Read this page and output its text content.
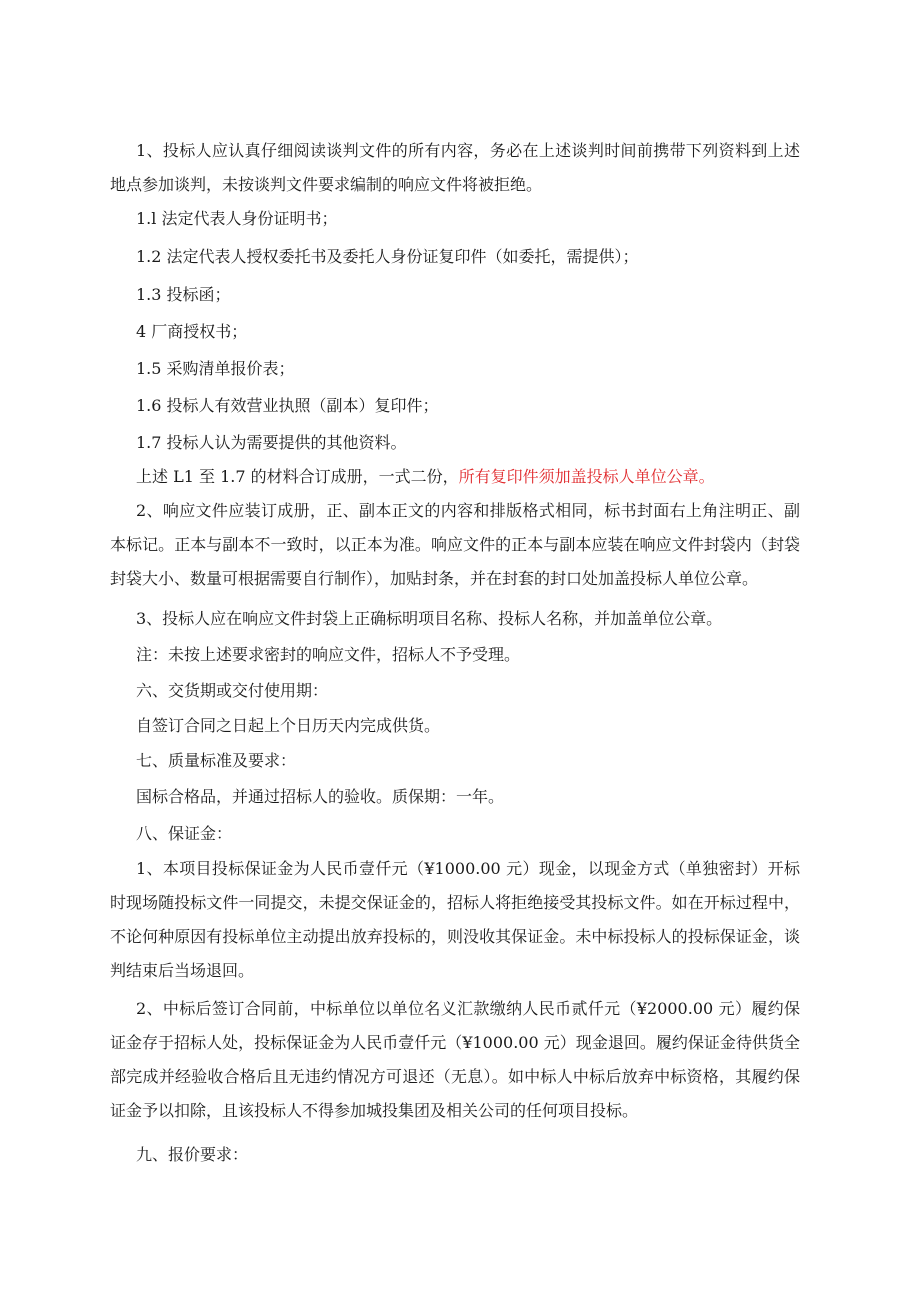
1、投标人应认真仔细阅读谈判文件的所有内容，务必在上述谈判时间前携带下列资料到上述地点参加谈判，未按谈判文件要求编制的响应文件将被拒绝。
1.l 法定代表人身份证明书；
1.2 法定代表人授权委托书及委托人身份证复印件（如委托，需提供）；
1.3 投标函；
4 厂商授权书；
1.5 采购清单报价表；
1.6 投标人有效营业执照（副本）复印件；
1.7 投标人认为需要提供的其他资料。
上述 L1 至 1.7 的材料合订成册，一式二份，所有复印件须加盖投标人单位公章。
2、响应文件应装订成册，正、副本正文的内容和排版格式相同，标书封面右上角注明正、副本标记。正本与副本不一致时，以正本为准。响应文件的正本与副本应装在响应文件封袋内（封袋封袋大小、数量可根据需要自行制作），加贴封条，并在封套的封口处加盖投标人单位公章。
3、投标人应在响应文件封袋上正确标明项目名称、投标人名称，并加盖单位公章。
注：未按上述要求密封的响应文件，招标人不予受理。
六、交货期或交付使用期：
自签订合同之日起上个日历天内完成供货。
七、质量标准及要求：
国标合格品，并通过招标人的验收。质保期：一年。
八、保证金：
1、本项目投标保证金为人民币壹仟元（¥1000.00 元）现金，以现金方式（单独密封）开标时现场随投标文件一同提交，未提交保证金的，招标人将拒绝接受其投标文件。如在开标过程中，不论何种原因有投标单位主动提出放弃投标的，则没收其保证金。未中标投标人的投标保证金，谈判结束后当场退回。
2、中标后签订合同前，中标单位以单位名义汇款缴纳人民币贰仟元（¥2000.00 元）履约保证金存于招标人处，投标保证金为人民币壹仟元（¥1000.00 元）现金退回。履约保证金待供货全部完成并经验收合格后且无违约情况方可退还（无息）。如中标人中标后放弃中标资格，其履约保证金予以扣除，且该投标人不得参加城投集团及相关公司的任何项目投标。
九、报价要求：
